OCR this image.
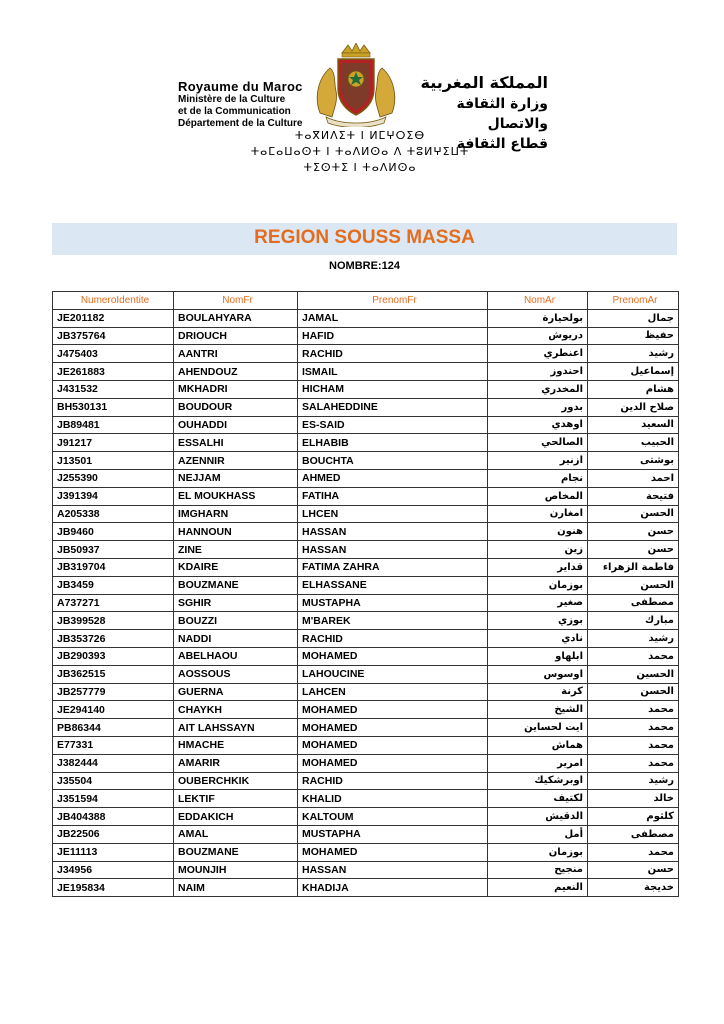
Royaume du Maroc
Ministère de la Culture
et de la Communication
Département de la Culture
المملكة المغربية
وزارة الثقافة والاتصال
قطاع الثقافة
ⵜⴰⴳⵍⴷⵉⵜ ⵏ ⵍⵎⵖⵔⵉⴱ
ⵜⴰⵎⴰⵡⴰⵙⵜ ⵏ ⵜⴰⴷⵍⵙⴰ ⴷ ⵜⵓⵍⵖⵉⵡⵜ
ⵜⵉⵙⵜⵉ ⵏ ⵜⴰⴷⵍⵙⴰ
REGION SOUSS MASSA
NOMBRE:124
NumeroIdentite	NomFr	PrenomFr	NomAr	PrenomAr
JE201182	BOULAHYARA	JAMAL	بولحيارة	جمال
JB375764	DRIOUCH	HAFID	دريوش	حفيظ
J475403	AANTRI	RACHID	اعنطري	رشيد
JE261883	AHENDOUZ	ISMAIL	احندوز	إسماعيل
J431532	MKHADRI	HICHAM	المخدري	هشام
BH530131	BOUDOUR	SALAHEDDINE	بدور	صلاح الدين
JB89481	OUHADDI	ES-SAID	اوهدي	السعيد
J91217	ESSALHI	ELHABIB	الصالحي	الحبيب
J13501	AZENNIR	BOUCHTA	ازنير	بوشتى
J255390	NEJJAM	AHMED	نجام	احمد
J391394	EL MOUKHASS	FATIHA	المخاص	فتيحة
A205338	IMGHARN	LHCEN	امغارن	الحسن
JB9460	HANNOUN	HASSAN	هنون	حسن
JB50937	ZINE	HASSAN	زين	حسن
JB319704	KDAIRE	FATIMA ZAHRA	قداير	فاطمة الزهراء
JB3459	BOUZMANE	ELHASSANE	بوزمان	الحسن
A737271	SGHIR	MUSTAPHA	صغير	مصطفى
JB399528	BOUZZI	M'BAREK	بوزي	مبارك
JB353726	NADDI	RACHID	نادي	رشيد
JB290393	ABELHAOU	MOHAMED	ابلهاو	محمد
JB362515	AOSSOUS	LAHOUCINE	اوسوس	الحسين
JB257779	GUERNA	LAHCEN	كرنة	الحسن
JE294140	CHAYKH	MOHAMED	الشيخ	محمد
PB86344	AIT LAHSSAYN	MOHAMED	ايت لحساين	محمد
E77331	HMACHE	MOHAMED	هماش	محمد
J382444	AMARIR	MOHAMED	امرير	محمد
J35504	OUBERCHKIK	RACHID	اوبرشكيك	رشيد
J351594	LEKTIF	KHALID	لكتيف	خالد
JB404388	EDDAKICH	KALTOUM	الدقيش	كلثوم
JB22506	AMAL	MUSTAPHA	أمل	مصطفى
JE11113	BOUZMANE	MOHAMED	بوزمان	محمد
J34956	MOUNJIH	HASSAN	منجيح	حسن
JE195834	NAIM	KHADIJA	النعيم	خديجة
